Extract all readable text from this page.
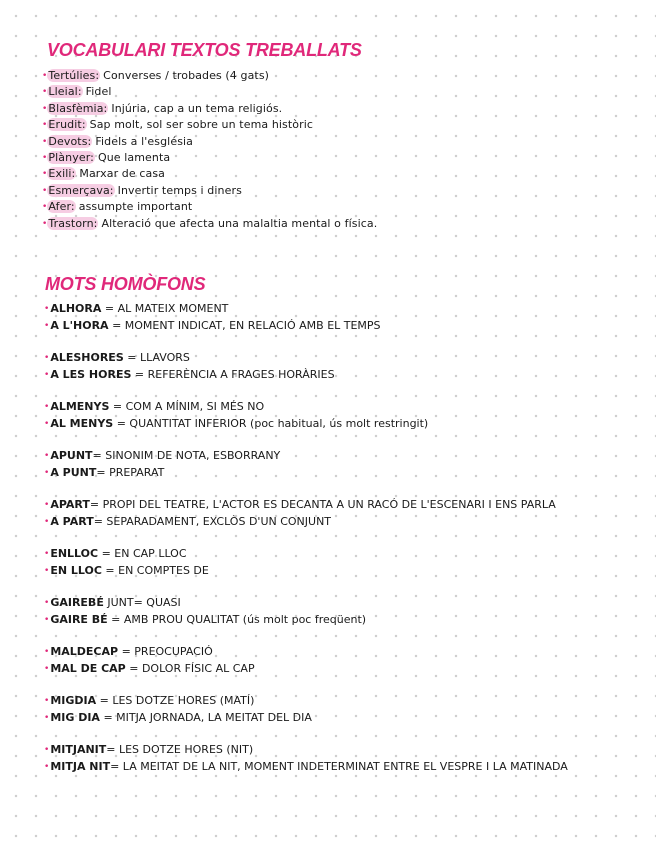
VOCABULARI TEXTOS TREBALLATS
•Tertúlies: Converses / trobades (4 gats)
•Lleial: Fidel
•Blasfèmia: Injúria, cap a un tema religiós.
•Erudit: Sap molt, sol ser sobre un tema històric
•Devots: Fidels a l'església
•Plànyer: Que lamenta
•Exili: Marxar de casa
•Esmerçava: Invertir temps i diners
•Afer: assumpte important
•Trastorn: Alteració que afecta una malaltia mental o física.
MOTS HOMÒFONS
•ALHORA = AL MATEIX MOMENT
•A L'HORA = MOMENT INDICAT, EN RELACIÓ AMB EL TEMPS
•ALESHORES = LLAVORS
•A LES HORES = REFERÈNCIA A FRAGES HORÀRIES
•ALMENYS = COM A MÍNIM, SI MÉS NO
•AL MENYS = QUANTITAT INFERIOR (poc habitual, ús molt restringit)
•APUNT= SINONIM DE NOTA, ESBORRANY
•A PUNT= PREPARAT
•APART= PROPI DEL TEATRE, L'ACTOR ES DECANTA A UN RACÓ DE L'ESCENARI I ENS PARLA
•A PART= SEPARADAMENT, EXCLÒS D'UN CONJUNT
•ENLLOC = EN CAP LLOC
•EN LLOC = EN COMPTES DE
•GAIREBÉ JUNT= QUASI
•GAIRE BÉ = AMB PROU QUALITAT (ús molt poc freqüent)
•MALDECAP = PREOCUPACIÓ
•MAL DE CAP = DOLOR FÍSIC AL CAP
•MIGDIA = LES DOTZE HORES (MATÍ)
•MIG DIA = MITJA JORNADA, LA MEITAT DEL DIA
•MITJANIT= LES DOTZE HORES (NIT)
•MITJA NIT= LA MEITAT DE LA NIT, MOMENT INDETERMINAT ENTRE EL VESPRE I LA MATINADA
